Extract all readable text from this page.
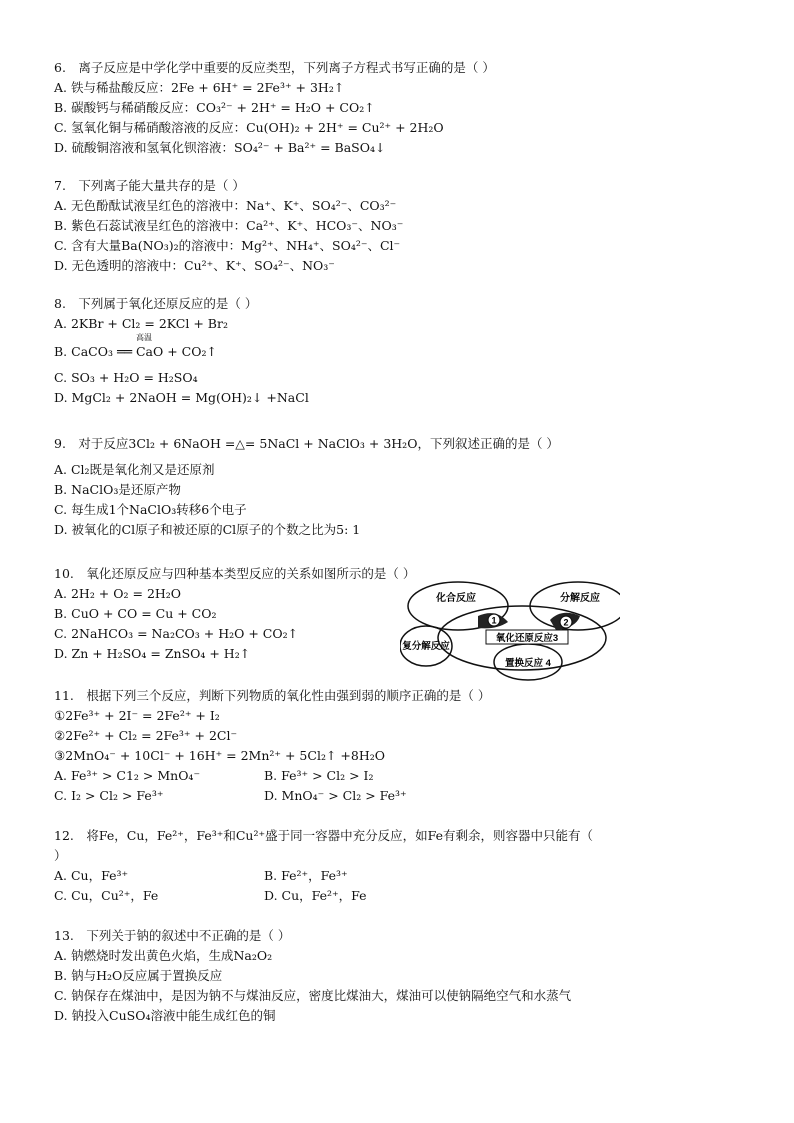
6.　离子反应是中学化学中重要的反应类型，下列离子方程式书写正确的是（ ）

A. 铁与稀盐酸反应：2Fe + 6H⁺ = 2Fe³⁺ + 3H₂↑

B. 碳酸钙与稀硝酸反应：CO₃²⁻ + 2H⁺ = H₂O + CO₂↑

C. 氢氧化铜与稀硝酸溶液的反应：Cu(OH)₂ + 2H⁺ = Cu²⁺ + 2H₂O

D. 硫酸铜溶液和氢氧化钡溶液：SO₄²⁻ + Ba²⁺ = BaSO₄↓

7.　下列离子能大量共存的是（ ）

A. 无色酚酞试液呈红色的溶液中：Na⁺、K⁺、SO₄²⁻、CO₃²⁻

B. 紫色石蕊试液呈红色的溶液中：Ca²⁺、K⁺、HCO₃⁻、NO₃⁻

C. 含有大量Ba(NO₃)₂的溶液中：Mg²⁺、NH₄⁺、SO₄²⁻、Cl⁻

D. 无色透明的溶液中：Cu²⁺、K⁺、SO₄²⁻、NO₃⁻

8.　下列属于氧化还原反应的是（ ）

A. 2KBr + Cl₂ = 2KCl + Br₂

高温

B. CaCO₃ ══ CaO + CO₂↑

C. SO₃ + H₂O = H₂SO₄

D. MgCl₂ + 2NaOH = Mg(OH)₂↓ +NaCl

9.　对于反应3Cl₂ + 6NaOH =△= 5NaCl + NaClO₃ + 3H₂O，下列叙述正确的是（ ）

A. Cl₂既是氧化剂又是还原剂

B. NaClO₃是还原产物

C. 每生成1个NaClO₃转移6个电子

D. 被氧化的Cl原子和被还原的Cl原子的个数之比为5: 1

10.　氧化还原反应与四种基本类型反应的关系如图所示的是（ ）

A. 2H₂ + O₂ = 2H₂O

B. CuO + CO = Cu + CO₂

C. 2NaHCO₃ = Na₂CO₃ + H₂O + CO₂↑

D. Zn + H₂SO₄ = ZnSO₄ + H₂↑

11.　根据下列三个反应，判断下列物质的氧化性由强到弱的顺序正确的是（ ）

①2Fe³⁺ + 2I⁻ = 2Fe²⁺ + I₂

②2Fe²⁺ + Cl₂ = 2Fe³⁺ + 2Cl⁻

③2MnO₄⁻ + 10Cl⁻ + 16H⁺ = 2Mn²⁺ + 5Cl₂↑ +8H₂O

A. Fe³⁺ > C1₂ > MnO₄⁻	B. Fe³⁺ > Cl₂ > I₂

C. I₂ > Cl₂ > Fe³⁺	D. MnO₄⁻ > Cl₂ > Fe³⁺

12.　将Fe，Cu，Fe²⁺，Fe³⁺和Cu²⁺盛于同一容器中充分反应，如Fe有剩余，则容器中只能有（ ）

A. Cu，Fe³⁺	B. Fe²⁺，Fe³⁺

C. Cu，Cu²⁺，Fe	D. Cu，Fe²⁺，Fe

13.　下列关于钠的叙述中不正确的是（ ）

A. 钠燃烧时发出黄色火焰，生成Na₂O₂

B. 钠与H₂O反应属于置换反应

C. 钠保存在煤油中，是因为钠不与煤油反应，密度比煤油大，煤油可以使钠隔绝空气和水蒸气

D. 钠投入CuSO₄溶液中能生成红色的铜

1	2
化合反应	分解反应
氧化还原反应3
复分解反应
置换反应 4
